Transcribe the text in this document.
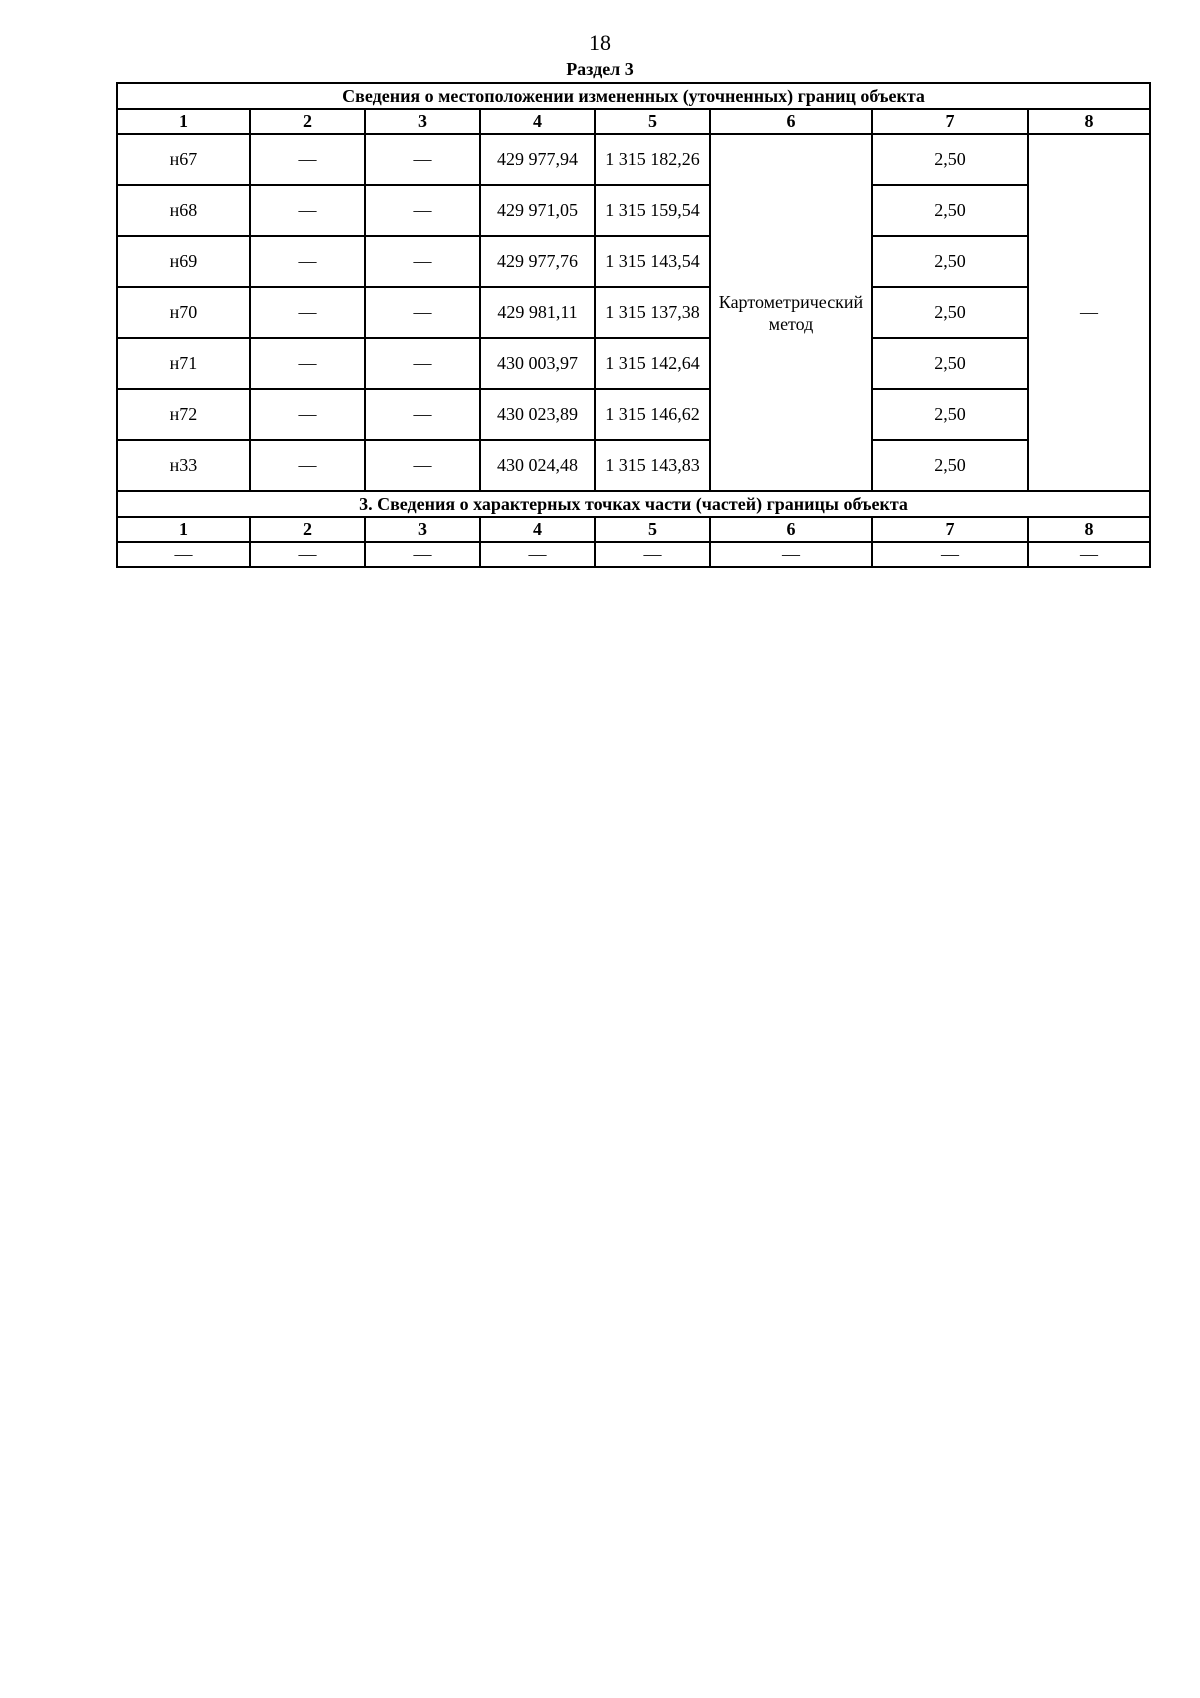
18
Раздел 3
Сведения о местоположении измененных (уточненных) границ объекта							
1	2	3	4	5	6	7	8
н67	—	—	429 977,94	1 315 182,26	Картометрический метод	2,50	—
н68	—	—	429 971,05	1 315 159,54		2,50	
н69	—	—	429 977,76	1 315 143,54		2,50	
н70	—	—	429 981,11	1 315 137,38		2,50	
н71	—	—	430 003,97	1 315 142,64		2,50	
н72	—	—	430 023,89	1 315 146,62		2,50	
н33	—	—	430 024,48	1 315 143,83		2,50	
3. Сведения о характерных точках части (частей) границы объекта							
1	2	3	4	5	6	7	8
—	—	—	—	—	—	—	—
